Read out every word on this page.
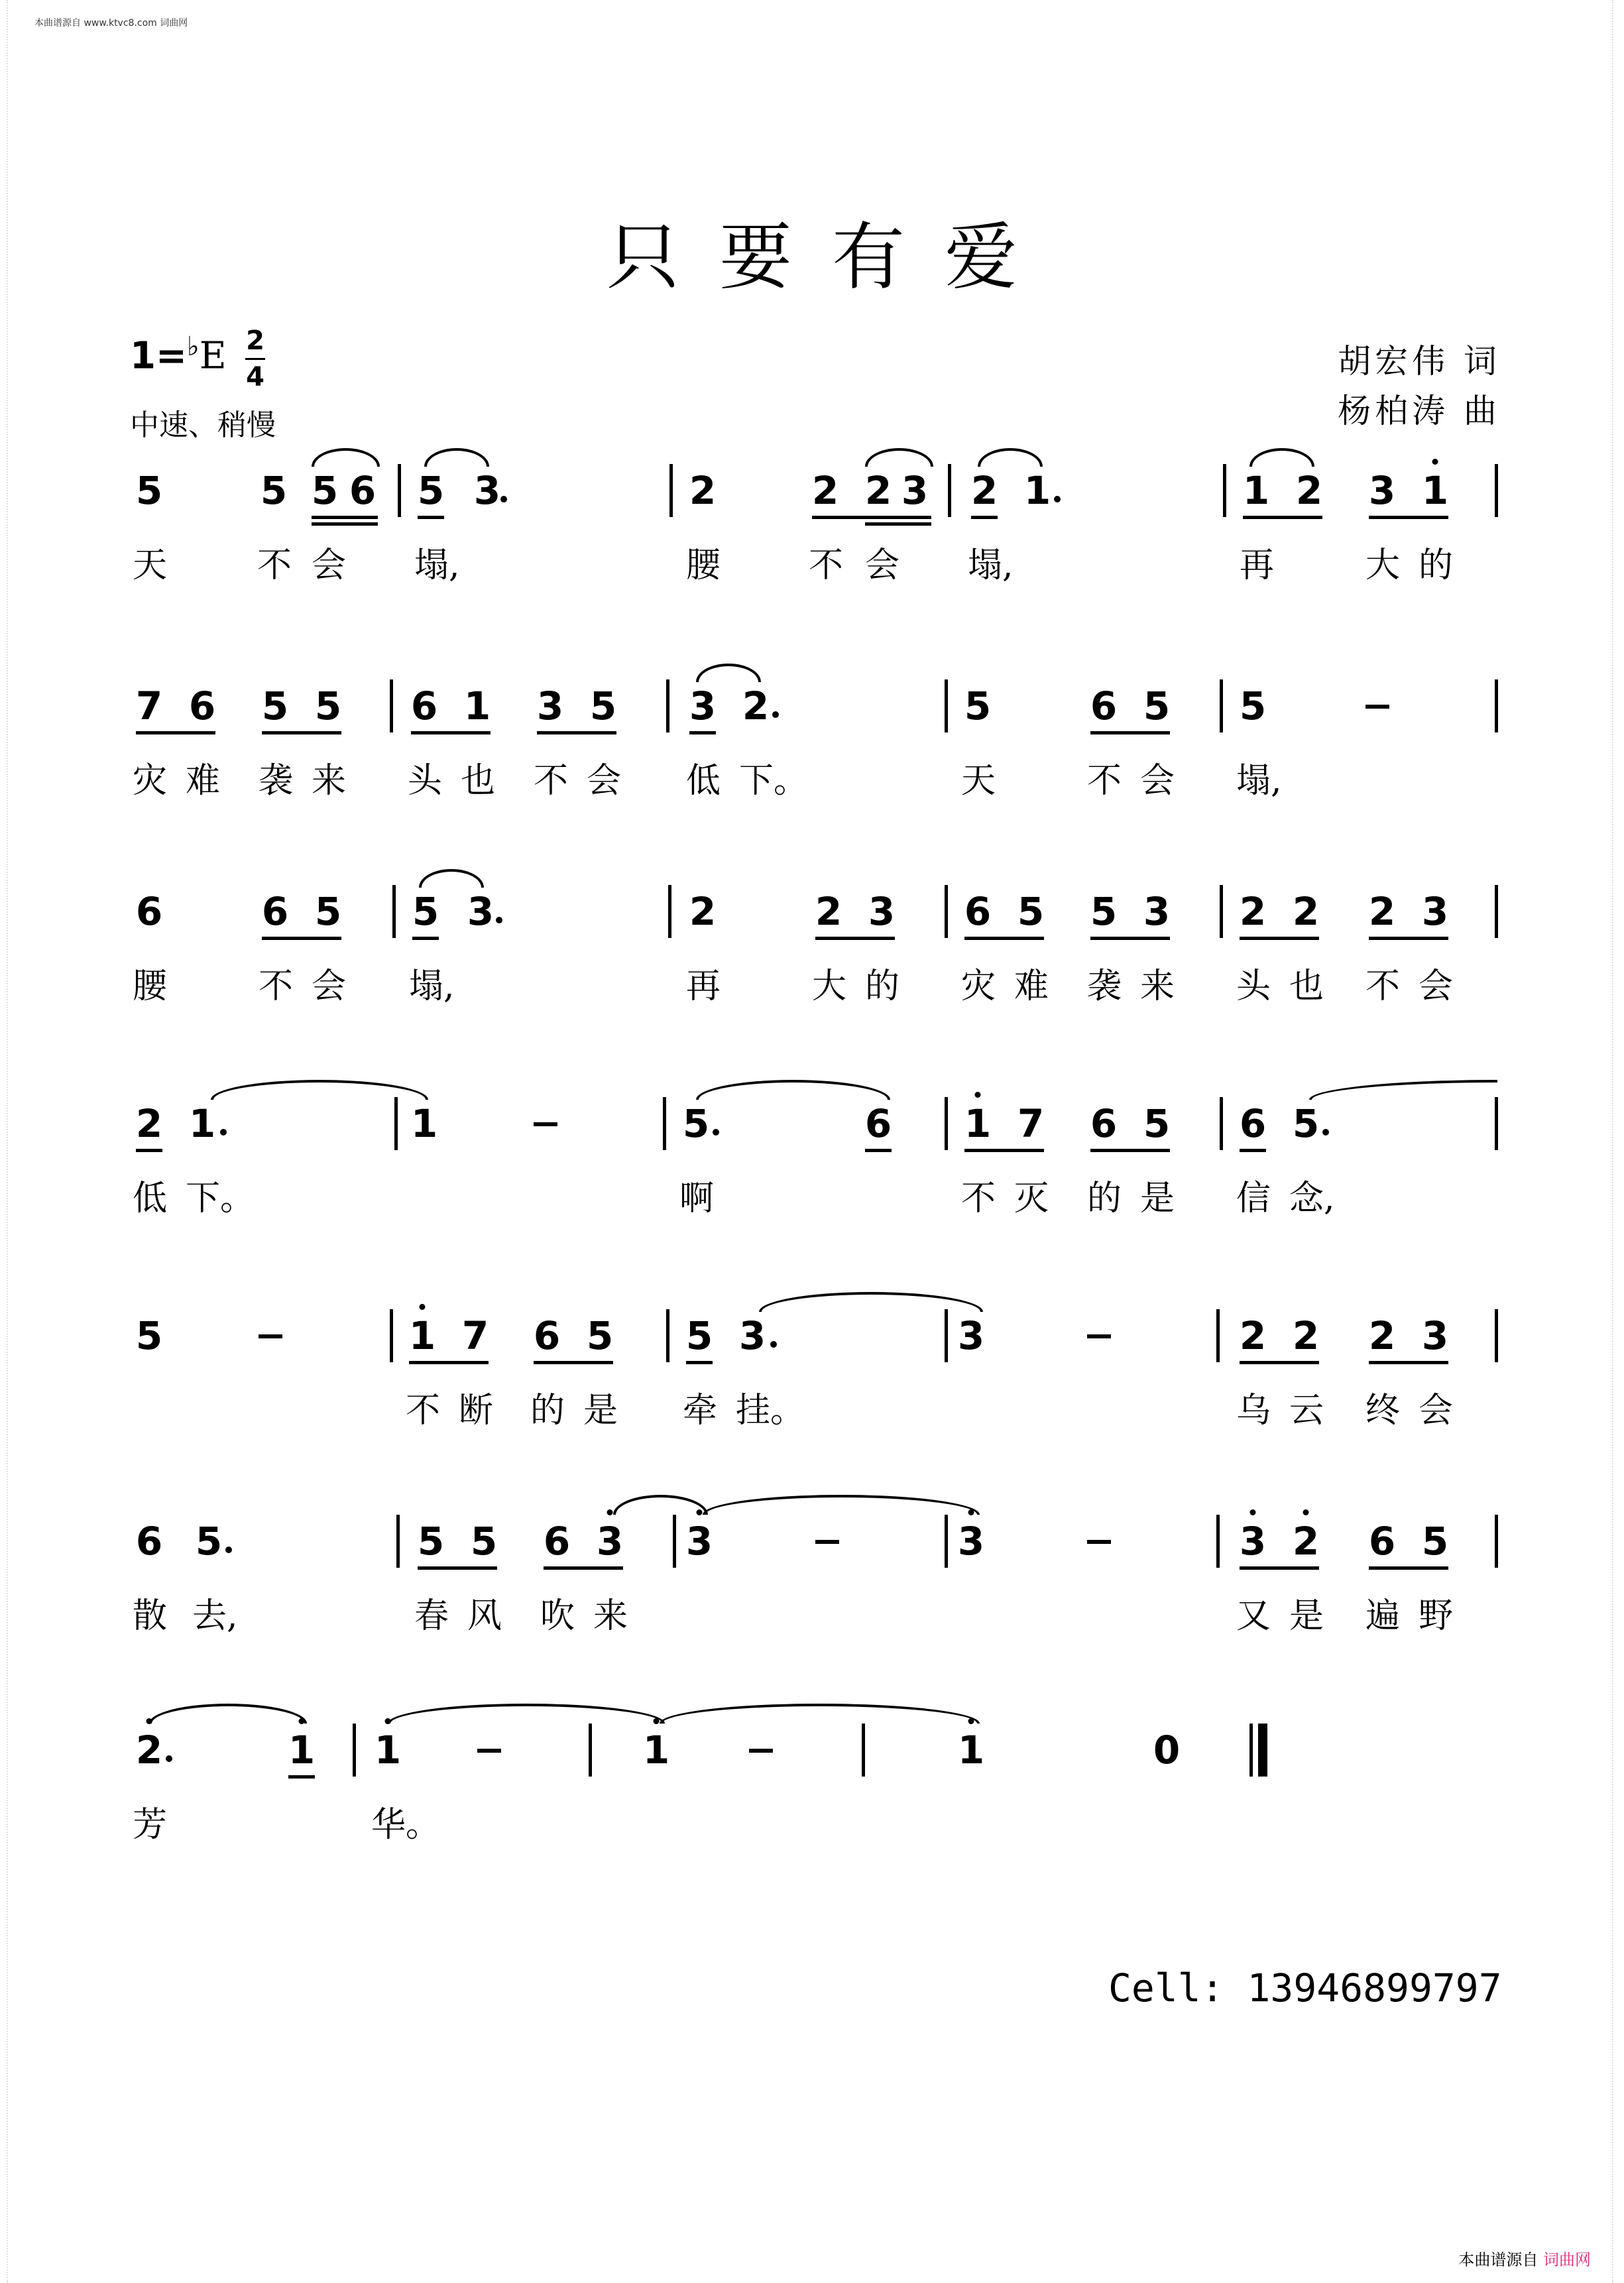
本曲谱源自 www.ktvc8.com 词曲网
只要有爱
1=♭E 2
4
中速、稍慢
胡宏伟 词
杨柏涛 曲
5	5 5 6 5 3	2 2 2 3 2 1	1 2 3 1
天	不 会 塌,	腰	不 会 塌,	再	大 的
7 6 5 5 6 1 3 5 3 2	5	6 5 5
灾 难 袭 来 头 也 不 会 低 下。	天	不 会 塌,
6	6 5 5 3	2	2 3 6 5 5 3 2 2 2 3
腰	不 会 塌,	再	大 的 灾 难 袭 来 头 也 不 会
2 1	1	5	6 1 7 6 5 6 5
低 下。	啊	不 灭 的 是 信 念,
5	1 7 6 5 5 3	3	2 2 2 3
不 断 的 是 牵 挂。	乌 云 终 会
6 5	5 5 6 3 3	3	3 2 6 5
散 去,	春 风 吹 来	又 是 遍 野
2	1 1	1	1	0
芳	华。
Cell: 13946899797
本曲谱源自 词曲网
